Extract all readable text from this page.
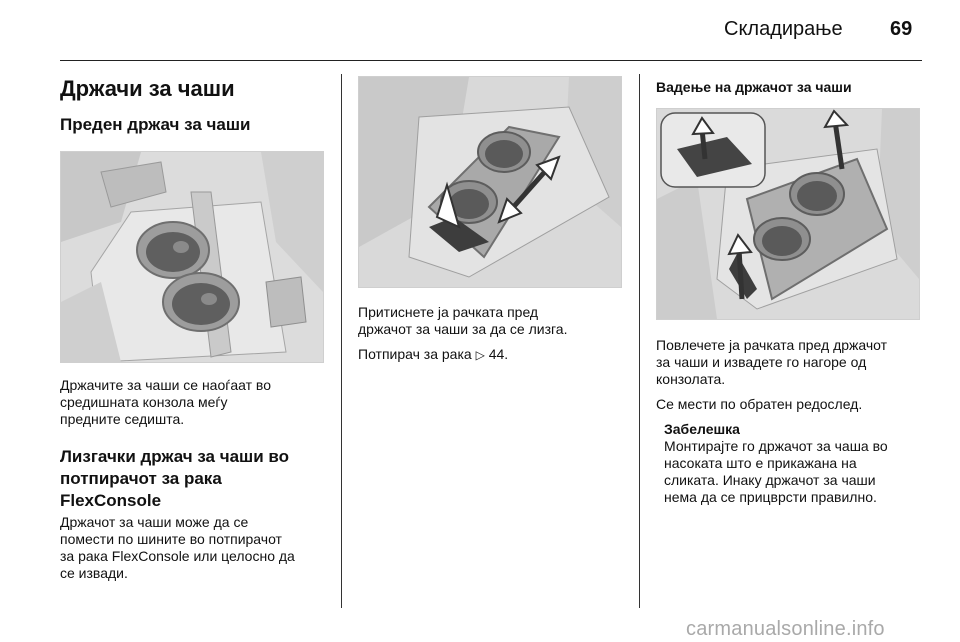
Складирање 69
Држачи за чаши
Преден држач за чаши

Држачите за чаши се наоѓаат во

средишната конзола меѓу

предните седишта.

Лизгачки држач за чаши во
потпирачот за рака
FlexConsole

Држачот за чаши може да се

помести по шините во потпирачот

за рака FlexConsole или целосно да

се извади.

Притиснете ја рачката пред

држачот за чаши за да се лизга.

Потпирач за рака ▷ 44.

Вадење на држачот за чаши

Повлечете ја рачката пред држачот

за чаши и извадете го нагоре од

конзолата.

Се мести по обратен редослед.

Забелешка

Монтирајте го држачот за чаша во

насоката што е прикажана на

сликата. Инаку држачот за чаши

нема да се прицврсти правилно.

carmanualsonline.info
